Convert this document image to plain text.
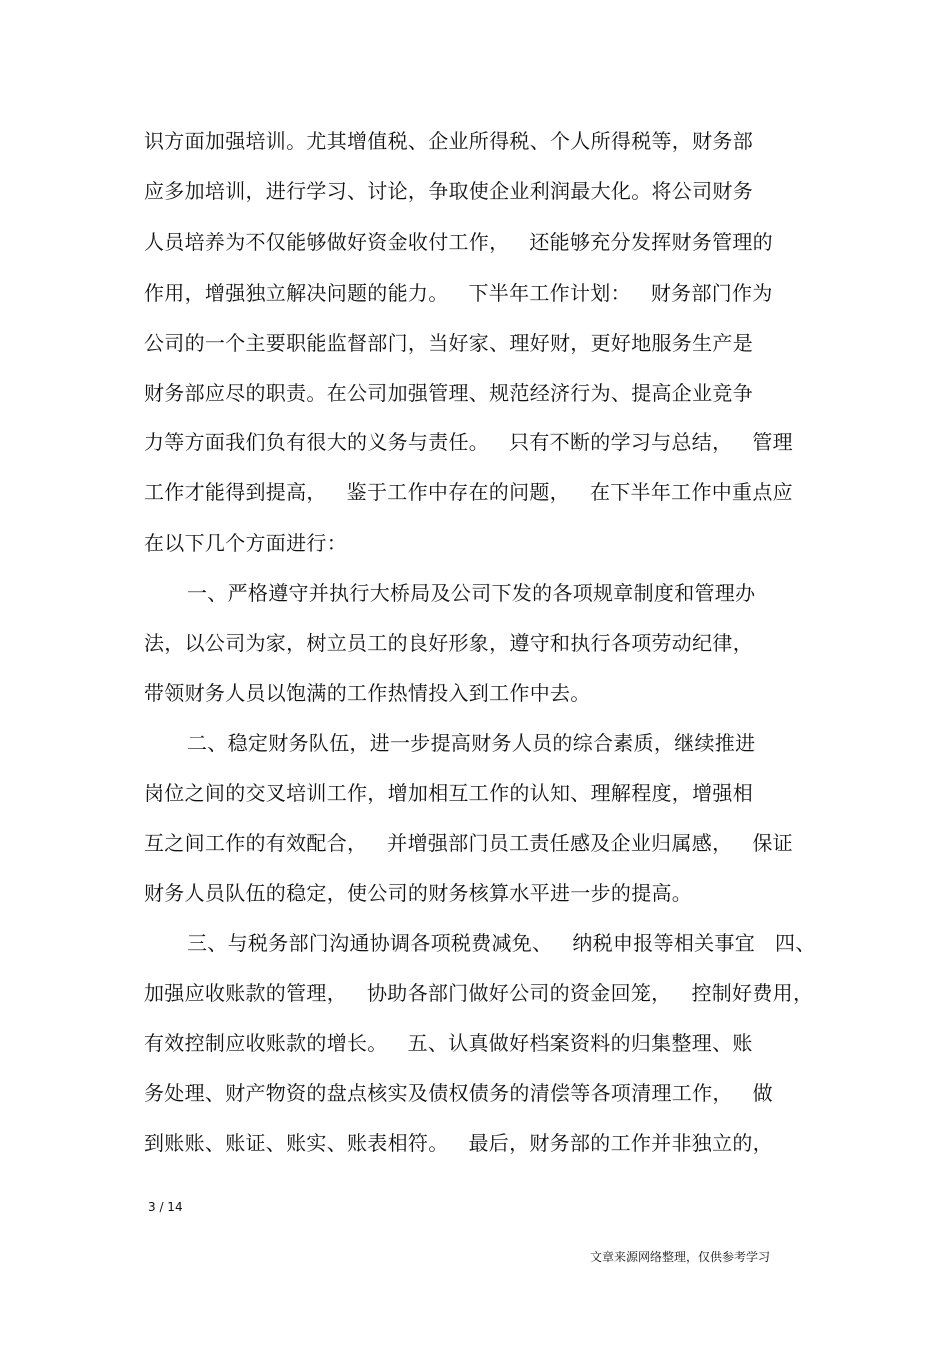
识方面加强培训。尤其增值税、企业所得税、个人所得税等，财务部
应多加培训，进行学习、讨论，争取使企业利润最大化。将公司财务
人员培养为不仅能够做好资金收付工作，   还能够充分发挥财务管理的
作用，增强独立解决问题的能力。   下半年工作计划：   财务部门作为
公司的一个主要职能监督部门，当好家、理好财，更好地服务生产是
财务部应尽的职责。在公司加强管理、规范经济行为、提高企业竞争
力等方面我们负有很大的义务与责任。   只有不断的学习与总结，   管理
工作才能得到提高，   鉴于工作中存在的问题，   在下半年工作中重点应
在以下几个方面进行：
一、严格遵守并执行大桥局及公司下发的各项规章制度和管理办
法，以公司为家，树立员工的良好形象，遵守和执行各项劳动纪律，
带领财务人员以饱满的工作热情投入到工作中去。
二、稳定财务队伍，进一步提高财务人员的综合素质，继续推进
岗位之间的交叉培训工作，增加相互工作的认知、理解程度，增强相
互之间工作的有效配合，   并增强部门员工责任感及企业归属感，   保证
财务人员队伍的稳定，使公司的财务核算水平进一步的提高。
三、与税务部门沟通协调各项税费减免、   纳税申报等相关事宜   四、
加强应收账款的管理，   协助各部门做好公司的资金回笼，   控制好费用，
有效控制应收账款的增长。   五、认真做好档案资料的归集整理、账
务处理、财产物资的盘点核实及债权债务的清偿等各项清理工作，   做
到账账、账证、账实、账表相符。   最后，财务部的工作并非独立的，
3 / 14
文章来源网络整理，仅供参考学习
